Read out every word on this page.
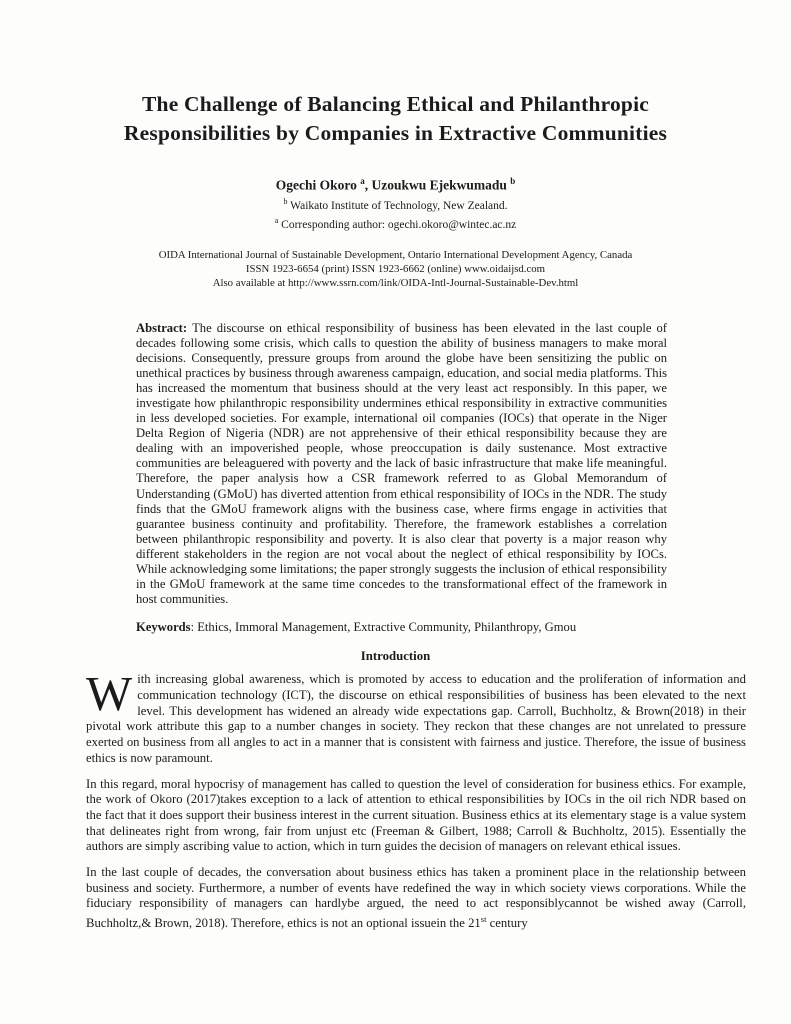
The Challenge of Balancing Ethical and Philanthropic
Responsibilities by Companies in Extractive Communities
Ogechi Okoro $^a$, Uzoukwu Ejekwumadu $^b$
$^b$ Waikato Institute of Technology, New Zealand.
$^a$ Corresponding author: ogechi.okoro@wintec.ac.nz
OIDA International Journal of Sustainable Development, Ontario International Development Agency, Canada
ISSN 1923-6654 (print) ISSN 1923-6662 (online) www.oidaijsd.com
Also available at http://www.ssrn.com/link/OIDA-Intl-Journal-Sustainable-Dev.html
Abstract: The discourse on ethical responsibility of business has been elevated in the last couple of decades following some crisis, which calls to question the ability of business managers to make moral decisions. Consequently, pressure groups from around the globe have been sensitizing the public on unethical practices by business through awareness campaign, education, and social media platforms. This has increased the momentum that business should at the very least act responsibly. In this paper, we investigate how philanthropic responsibility undermines ethical responsibility in extractive communities in less developed societies. For example, international oil companies (IOCs) that operate in the Niger Delta Region of Nigeria (NDR) are not apprehensive of their ethical responsibility because they are dealing with an impoverished people, whose preoccupation is daily sustenance. Most extractive communities are beleaguered with poverty and the lack of basic infrastructure that make life meaningful. Therefore, the paper analysis how a CSR framework referred to as Global Memorandum of Understanding (GMoU) has diverted attention from ethical responsibility of IOCs in the NDR. The study finds that the GMoU framework aligns with the business case, where firms engage in activities that guarantee business continuity and profitability. Therefore, the framework establishes a correlation between philanthropic responsibility and poverty. It is also clear that poverty is a major reason why different stakeholders in the region are not vocal about the neglect of ethical responsibility by IOCs. While acknowledging some limitations; the paper strongly suggests the inclusion of ethical responsibility in the GMoU framework at the same time concedes to the transformational effect of the framework in host communities.
Keywords: Ethics, Immoral Management, Extractive Community, Philanthropy, Gmou
Introduction

With increasing global awareness, which is promoted by access to education and the proliferation of information and communication technology (ICT), the discourse on ethical responsibilities of business has been elevated to the next level. This development has widened an already wide expectations gap. Carroll, Buchholtz, & Brown(2018) in their pivotal work attribute this gap to a number changes in society. They reckon that these changes are not unrelated to pressure exerted on business from all angles to act in a manner that is consistent with fairness and justice. Therefore, the issue of business ethics is now paramount.

In this regard, moral hypocrisy of management has called to question the level of consideration for business ethics. For example, the work of Okoro (2017)takes exception to a lack of attention to ethical responsibilities by IOCs in the oil rich NDR based on the fact that it does support their business interest in the current situation. Business ethics at its elementary stage is a value system that delineates right from wrong, fair from unjust etc (Freeman & Gilbert, 1988; Carroll & Buchholtz, 2015). Essentially the authors are simply ascribing value to action, which in turn guides the decision of managers on relevant ethical issues.

In the last couple of decades, the conversation about business ethics has taken a prominent place in the relationship between business and society. Furthermore, a number of events have redefined the way in which society views corporations. While the fiduciary responsibility of managers can hardlybe argued, the need to act responsiblycannot be wished away (Carroll, Buchholtz,& Brown, 2018). Therefore, ethics is not an optional issuein the 21st century
